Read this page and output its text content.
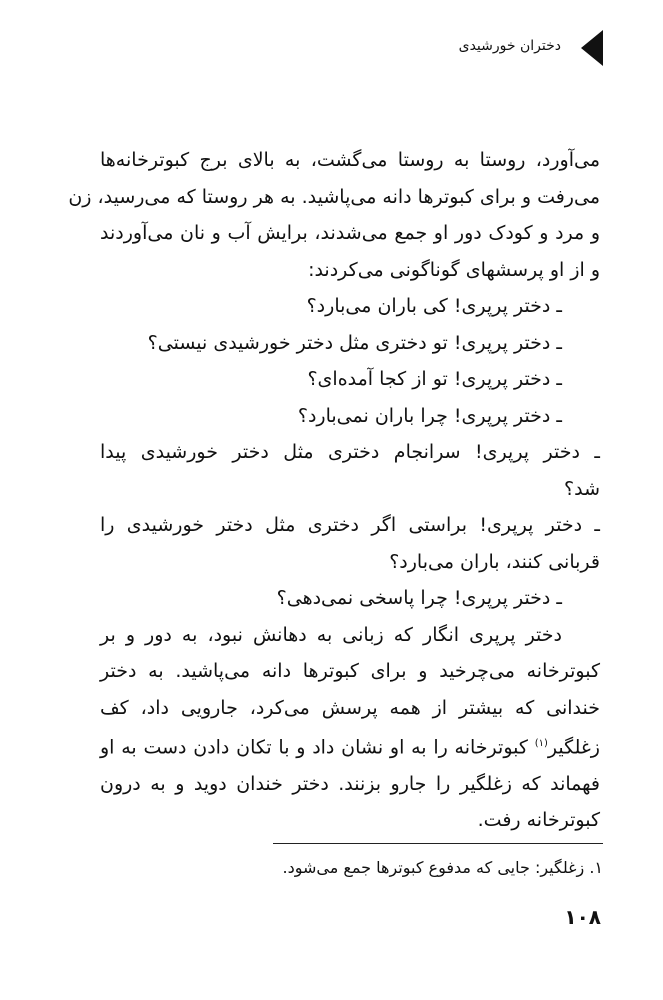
دختران خورشیدی
می‌آورد، روستا به روستا می‌گشت، به بالای برج کبوترخانه‌ها
می‌رفت و برای کبوترها دانه می‌پاشید. به هر روستا که می‌رسید، زن
و مرد و کودک دور او جمع می‌شدند، برایش آب و نان می‌آوردند
و از او پرسشهای گوناگونی می‌کردند:
ـ دختر پرپری! کی باران می‌بارد؟
ـ دختر پرپری! تو دختری مثل دختر خورشیدی نیستی؟
ـ دختر پرپری! تو از کجا آمده‌ای؟
ـ دختر پرپری! چرا باران نمی‌بارد؟
ـ دختر پرپری! سرانجام دختری مثل دختر خورشیدی پیدا
شد؟
ـ دختر پرپری! براستی اگر دختری مثل دختر خورشیدی را
قربانی کنند، باران می‌بارد؟
ـ دختر پرپری! چرا پاسخی نمی‌دهی؟
دختر پرپری انگار که زبانی به دهانش نبود، به دور و بر
کبوترخانه می‌چرخید و برای کبوترها دانه می‌پاشید. به دختر
خندانی که بیشتر از همه پرسش می‌کرد، جارویی داد، کف
زغلگیر$^{(۱)}$ کبوترخانه را به او نشان داد و با تکان دادن دست به او
فهماند که زغلگیر را جارو بزنند. دختر خندان دوید و به درون
کبوترخانه رفت.
۱. زغلگیر: جایی که مدفوع کبوترها جمع می‌شود.
۱۰۸
